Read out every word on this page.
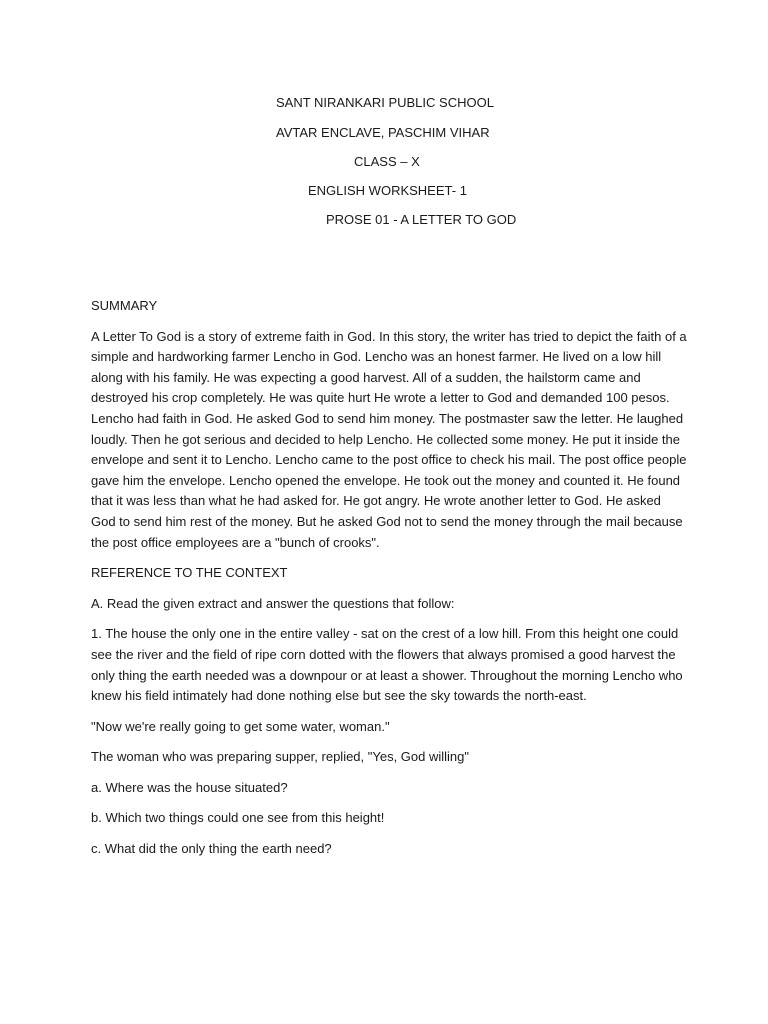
SANT NIRANKARI PUBLIC SCHOOL
AVTAR ENCLAVE, PASCHIM VIHAR
CLASS – X
ENGLISH WORKSHEET- 1
PROSE 01 - A LETTER TO GOD

SUMMARY

A Letter To God is a story of extreme faith in God. In this story, the writer has tried to depict the faith of a simple and hardworking farmer Lencho in God. Lencho was an honest farmer. He lived on a low hill along with his family. He was expecting a good harvest. All of a sudden, the hailstorm came and destroyed his crop completely. He was quite hurt He wrote a letter to God and demanded 100 pesos. Lencho had faith in God. He asked God to send him money. The postmaster saw the letter. He laughed loudly. Then he got serious and decided to help Lencho. He collected some money. He put it inside the envelope and sent it to Lencho. Lencho came to the post office to check his mail. The post office people gave him the envelope. Lencho opened the envelope. He took out the money and counted it. He found that it was less than what he had asked for. He got angry. He wrote another letter to God. He asked God to send him rest of the money. But he asked God not to send the money through the mail because the post office employees are a "bunch of crooks".

REFERENCE TO THE CONTEXT

A. Read the given extract and answer the questions that follow:

1. The house the only one in the entire valley - sat on the crest of a low hill. From this height one could see the river and the field of ripe corn dotted with the flowers that always promised a good harvest the only thing the earth needed was a downpour or at least a shower. Throughout the morning Lencho who knew his field intimately had done nothing else but see the sky towards the north-east.

"Now we're really going to get some water, woman."

The woman who was preparing supper, replied, "Yes, God willing"

a. Where was the house situated?

b. Which two things could one see from this height!

c. What did the only thing the earth need?
